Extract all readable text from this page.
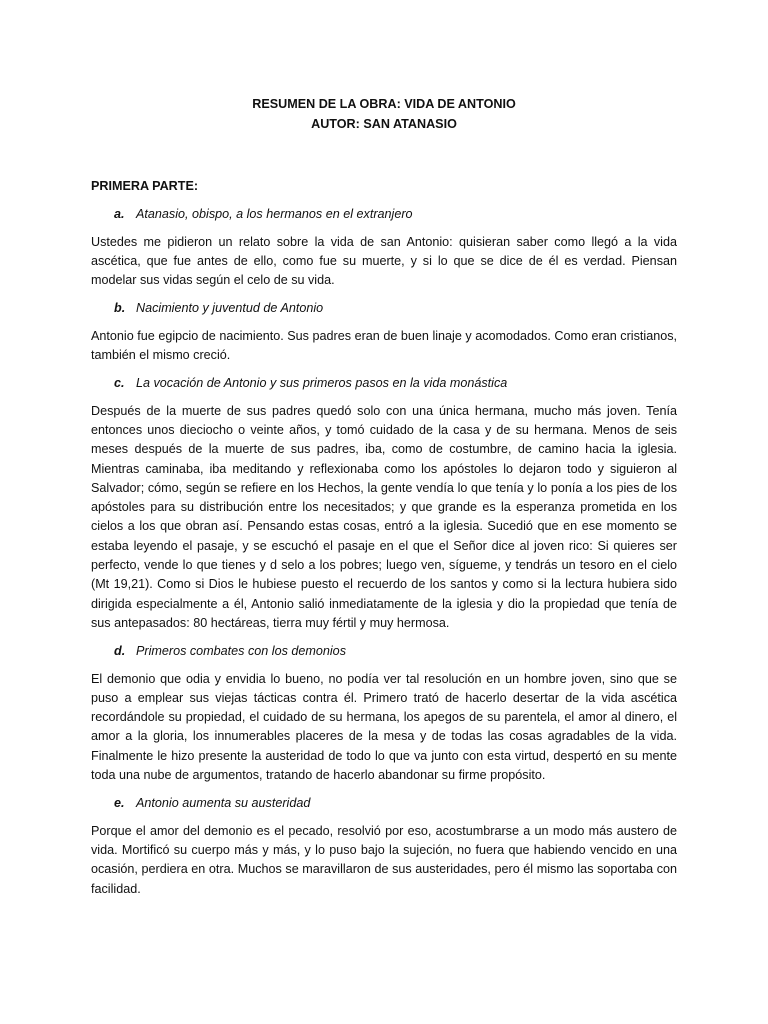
RESUMEN DE LA OBRA: VIDA DE ANTONIO
AUTOR: SAN ATANASIO
PRIMERA PARTE:
a. Atanasio, obispo, a los hermanos en el extranjero
Ustedes me pidieron un relato sobre la vida de san Antonio: quisieran saber como llegó a la vida ascética, que fue antes de ello, como fue su muerte, y si lo que se dice de él es verdad. Piensan modelar sus vidas según el celo de su vida.
b. Nacimiento y juventud de Antonio
Antonio fue egipcio de nacimiento. Sus padres eran de buen linaje y acomodados. Como eran cristianos, también el mismo creció.
c. La vocación de Antonio y sus primeros pasos en la vida monástica
Después de la muerte de sus padres quedó solo con una única hermana, mucho más joven. Tenía entonces unos dieciocho o veinte años, y tomó cuidado de la casa y de su hermana. Menos de seis meses después de la muerte de sus padres, iba, como de costumbre, de camino hacia la iglesia. Mientras caminaba, iba meditando y reflexionaba como los apóstoles lo dejaron todo y siguieron al Salvador; cómo, según se refiere en los Hechos, la gente vendía lo que tenía y lo ponía a los pies de los apóstoles para su distribución entre los necesitados; y que grande es la esperanza prometida en los cielos a los que obran así. Pensando estas cosas, entró a la iglesia. Sucedió que en ese momento se estaba leyendo el pasaje, y se escuchó el pasaje en el que el Señor dice al joven rico: Si quieres ser perfecto, vende lo que tienes y d selo a los pobres; luego ven, sígueme, y tendrás un tesoro en el cielo (Mt 19,21). Como si Dios le hubiese puesto el recuerdo de los santos y como si la lectura hubiera sido dirigida especialmente a él, Antonio salió inmediatamente de la iglesia y dio la propiedad que tenía de sus antepasados: 80 hectáreas, tierra muy fértil y muy hermosa.
d. Primeros combates con los demonios
El demonio que odia y envidia lo bueno, no podía ver tal resolución en un hombre joven, sino que se puso a emplear sus viejas tácticas contra él. Primero trató de hacerlo desertar de la vida ascética recordándole su propiedad, el cuidado de su hermana, los apegos de su parentela, el amor al dinero, el amor a la gloria, los innumerables placeres de la mesa y de todas las cosas agradables de la vida. Finalmente le hizo presente la austeridad de todo lo que va junto con esta virtud, despertó en su mente toda una nube de argumentos, tratando de hacerlo abandonar su firme propósito.
e. Antonio aumenta su austeridad
Porque el amor del demonio es el pecado, resolvió por eso, acostumbrarse a un modo más austero de vida. Mortificó su cuerpo más y más, y lo puso bajo la sujeción, no fuera que habiendo vencido en una ocasión, perdiera en otra. Muchos se maravillaron de sus austeridades, pero él mismo las soportaba con facilidad.
